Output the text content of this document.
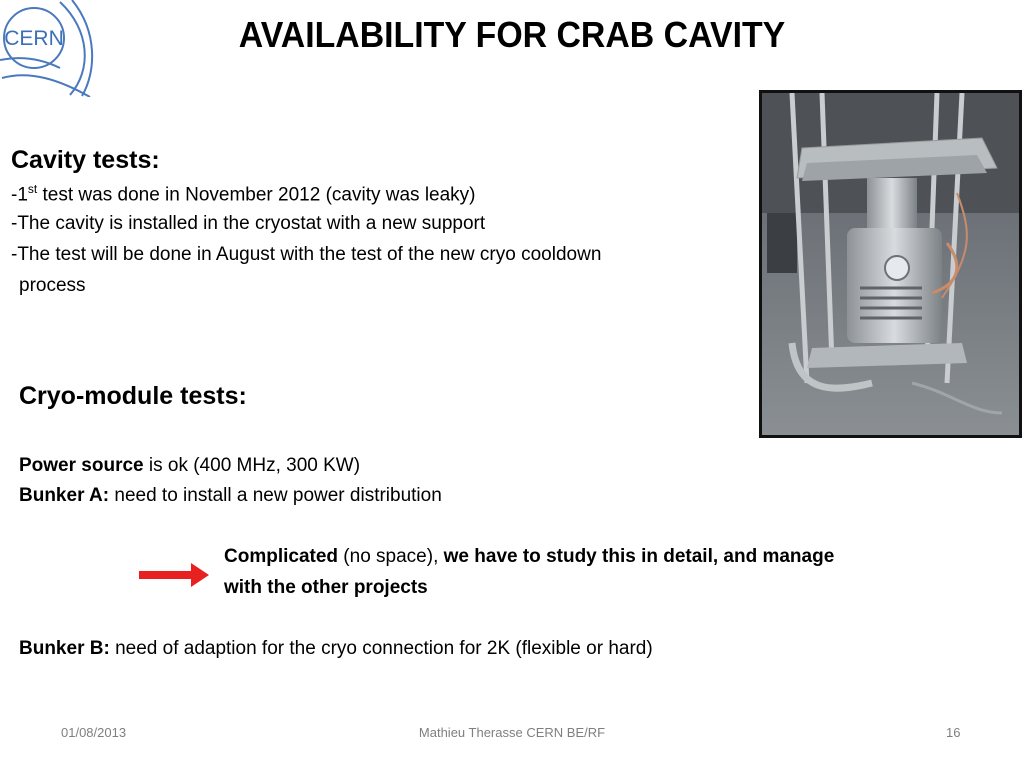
CERN	AVAILABILITY FOR CRAB CAVITY
Cavity tests:
-1st test was done in November 2012 (cavity was leaky)
-The cavity is installed in the cryostat with a new support
-The test will be done in August with the test of the new cryo cooldown
process
Cryo-module tests:
Power source is ok (400 MHz, 300 KW)
Bunker A: need to install a new power distribution
Complicated (no space), we have to study this in detail, and manage
with the other projects
Bunker B: need of adaption for the cryo connection for 2K (flexible or hard)
01/08/2013	Mathieu Therasse CERN BE/RF	16
